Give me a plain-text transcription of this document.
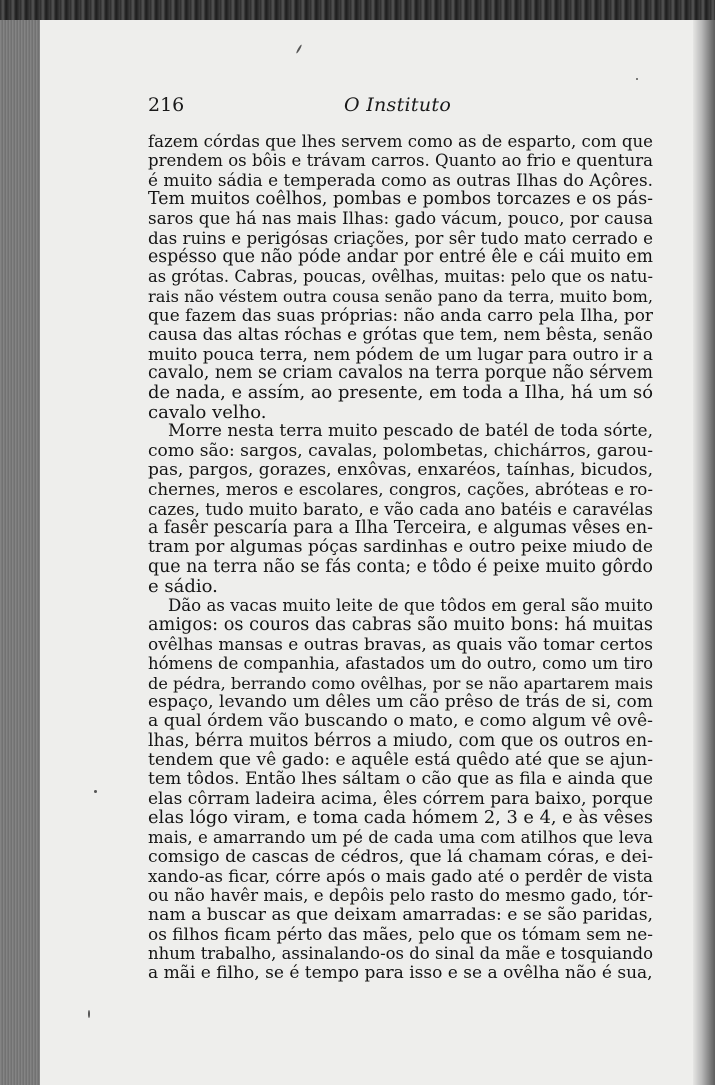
216	O Instituto
fazem córdas que lhes servem como as de esparto, com que
prendem os bôis e trávam carros. Quanto ao frio e quentura
é muito sádia e temperada como as outras Ilhas do Açôres.
Tem muitos coêlhos, pombas e pombos torcazes e os pás-
saros que há nas mais Ilhas: gado vácum, pouco, por causa
das ruins e perigósas criações, por sêr tudo mato cerrado e
espésso que não póde andar por entré êle e cái muito em
as grótas. Cabras, poucas, ovêlhas, muitas: pelo que os natu-
rais não véstem outra cousa senão pano da terra, muito bom,
que fazem das suas próprias: não anda carro pela Ilha, por
causa das altas róchas e grótas que tem, nem bêsta, senão
muito pouca terra, nem pódem de um lugar para outro ir a
cavalo, nem se criam cavalos na terra porque não sérvem
de nada, e assím, ao presente, em toda a Ilha, há um só
cavalo velho.
Morre nesta terra muito pescado de batél de toda sórte,
como são: sargos, cavalas, polombetas, chichárros, garou-
pas, pargos, gorazes, enxôvas, enxaréos, taínhas, bicudos,
chernes, meros e escolares, congros, cações, abróteas e ro-
cazes, tudo muito barato, e vão cada ano batéis e caravélas
a fasêr pescaría para a Ilha Terceira, e algumas vêses en-
tram por algumas póças sardinhas e outro peixe miudo de
que na terra não se fás conta; e tôdo é peixe muito gôrdo
e sádio.
Dão as vacas muito leite de que tôdos em geral são muito
amigos: os couros das cabras são muito bons: há muitas
ovêlhas mansas e outras bravas, as quais vão tomar certos
hómens de companhia, afastados um do outro, como um tiro
de pédra, berrando como ovêlhas, por se não apartarem mais
espaço, levando um dêles um cão prêso de trás de si, com
a qual órdem vão buscando o mato, e como algum vê ovê-
lhas, bérra muitos bérros a miudo, com que os outros en-
tendem que vê gado: e aquêle está quêdo até que se ajun-
tem tôdos. Então lhes sáltam o cão que as fila e ainda que
elas côrram ladeira acima, êles córrem para baixo, porque
elas lógo viram, e toma cada hómem 2, 3 e 4, e às vêses
mais, e amarrando um pé de cada uma com atilhos que leva
comsigo de cascas de cédros, que lá chamam córas, e dei-
xando-as ficar, córre após o mais gado até o perdêr de vista
ou não havêr mais, e depôis pelo rasto do mesmo gado, tór-
nam a buscar as que deixam amarradas: e se são paridas,
os filhos ficam pérto das mães, pelo que os tómam sem ne-
nhum trabalho, assinalando-os do sinal da mãe e tosquiando
a mãi e filho, se é tempo para isso e se a ovêlha não é sua,
